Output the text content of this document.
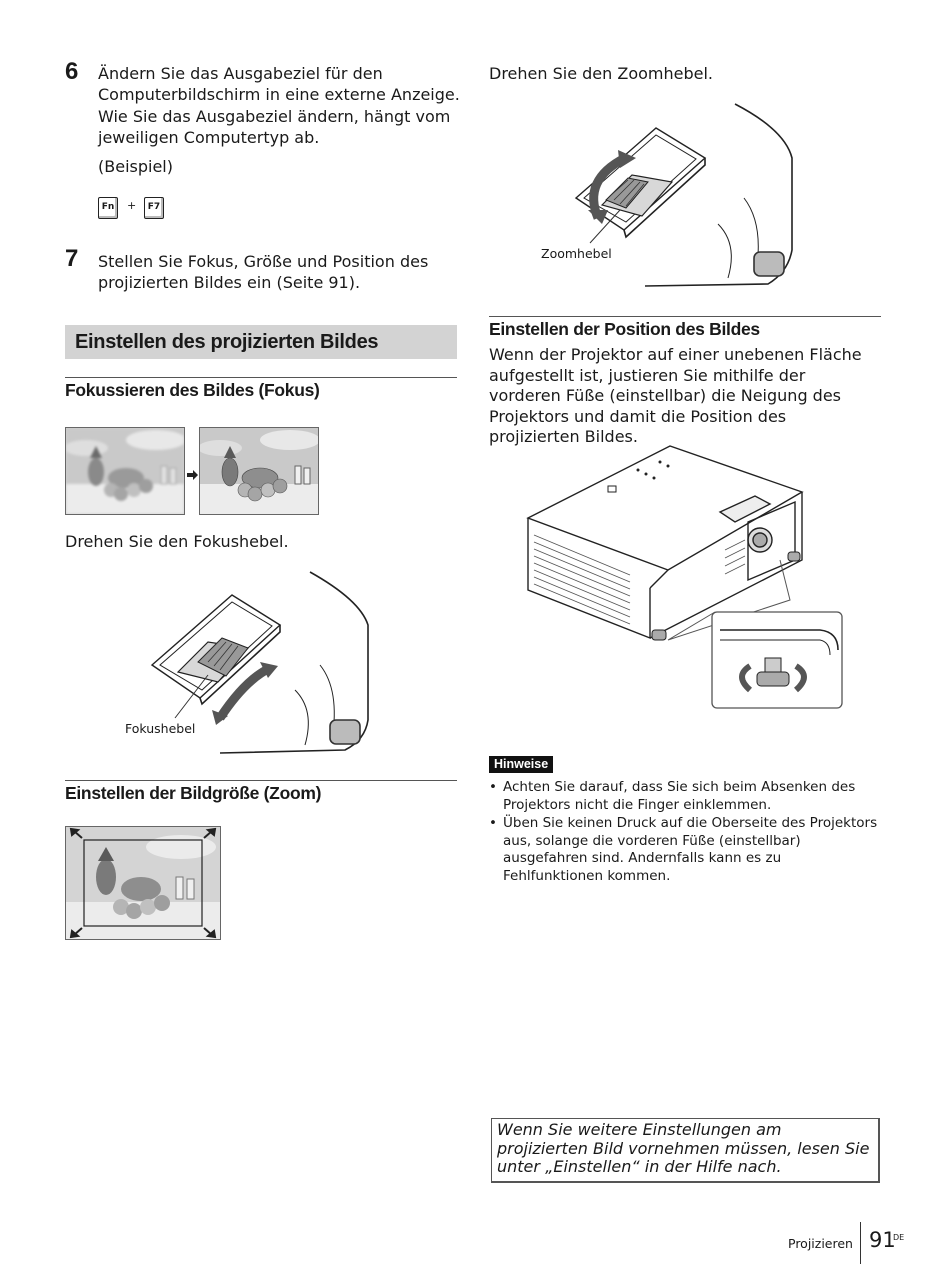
6 Ändern Sie das Ausgabeziel für den Computerbildschirm in eine externe Anzeige.
Wie Sie das Ausgabeziel ändern, hängt vom jeweiligen Computertyp ab.
(Beispiel)
Fn	+	F7
7 Stellen Sie Fokus, Größe und Position des projizierten Bildes ein (Seite 91).
Einstellen des projizierten Bildes
Fokussieren des Bildes (Fokus)
Drehen Sie den Fokushebel.
Fokushebel
Einstellen der Bildgröße (Zoom)
Drehen Sie den Zoomhebel.
Zoomhebel
Einstellen der Position des Bildes
Wenn der Projektor auf einer unebenen Fläche aufgestellt ist, justieren Sie mithilfe der vorderen Füße (einstellbar) die Neigung des Projektors und damit die Position des projizierten Bildes.
Hinweise
• Achten Sie darauf, dass Sie sich beim Absenken des Projektors nicht die Finger einklemmen.
• Üben Sie keinen Druck auf die Oberseite des Projektors aus, solange die vorderen Füße (einstellbar) ausgefahren sind. Andernfalls kann es zu Fehlfunktionen kommen.
Wenn Sie weitere Einstellungen am projizierten Bild vornehmen müssen, lesen Sie unter „Einstellen“ in der Hilfe nach.
Projizieren 91
DE
